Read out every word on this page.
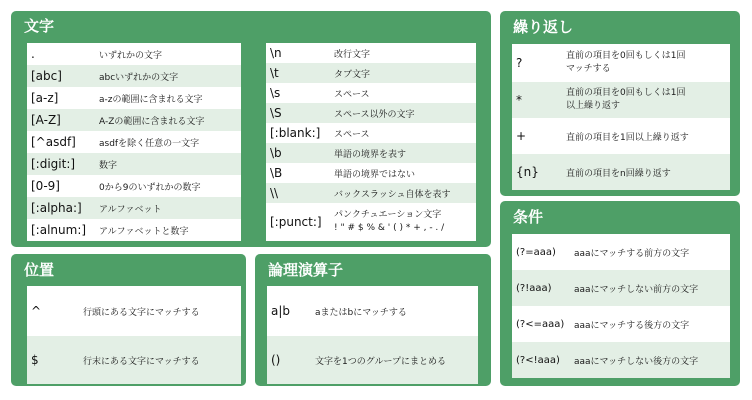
文字
.	いずれかの文字
[abc]	abcいずれかの文字
[a-z]	a-zの範囲に含まれる文字
[A-Z]	A-Zの範囲に含まれる文字
[^asdf]	asdfを除く任意の一文字
[:digit:]	数字
[0-9]	0から9のいずれかの数字
[:alpha:]	アルファベット
[:alnum:]	アルファベットと数字
\n	改行文字
\t	タブ文字
\s	スペース
\S	スペース以外の文字
[:blank:]	スペース
\b	単語の境界を表す
\B	単語の境界ではない
\\	バックスラッシュ自体を表す
[:punct:]	パンクチュエーション文字
! " # $ % & ' ( ) * + , - . /
位置
^	行頭にある文字にマッチする
$	行末にある文字にマッチする
論理演算子
a|b	aまたはbにマッチする
()	文字を1つのグループにまとめる
繰り返し
?	直前の項目を0回もしくは1回
マッチする

*	直前の項目を0回もしくは1回
以上繰り返す

+	直前の項目を1回以上繰り返す
{n}	直前の項目をn回繰り返す
条件
(?=aaa)	aaaにマッチする前方の文字
(?!aaa)	aaaにマッチしない前方の文字
(?<=aaa)	aaaにマッチする後方の文字
(?<!aaa)	aaaにマッチしない後方の文字
